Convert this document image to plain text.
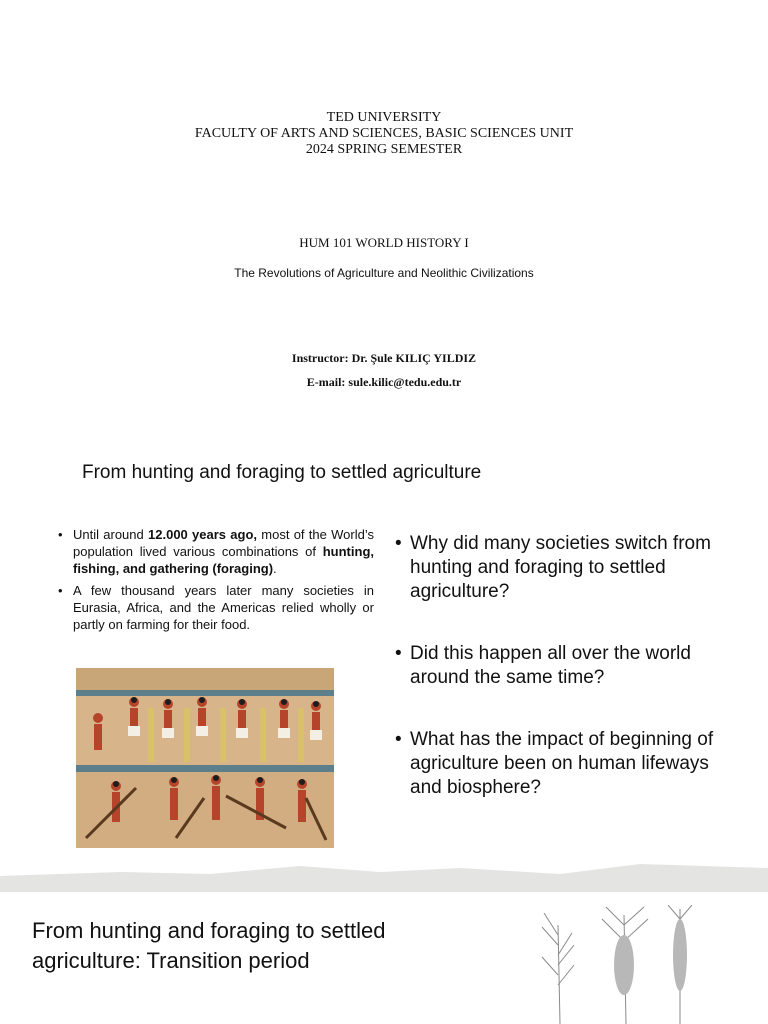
TED UNIVERSITY
FACULTY OF ARTS AND SCIENCES, BASIC SCIENCES UNIT
2024 SPRING SEMESTER
HUM 101 WORLD HISTORY I
The Revolutions of Agriculture and Neolithic Civilizations
Instructor: Dr. Şule KILIÇ YILDIZ
E-mail: sule.kilic@tedu.edu.tr
From hunting and foraging to settled agriculture
• Until around 12.000 years ago, most of the World’s population lived various combinations of hunting, fishing, and gathering (foraging).
• A few thousand years later many societies in Eurasia, Africa, and the Americas relied wholly or partly on farming for their food.
• Why did many societies switch from hunting and foraging to settled agriculture?
• Did this happen all over the world around the same time?
• What has the impact of beginning of agriculture been on human lifeways and biosphere?
From hunting and foraging to settled
agriculture: Transition period
